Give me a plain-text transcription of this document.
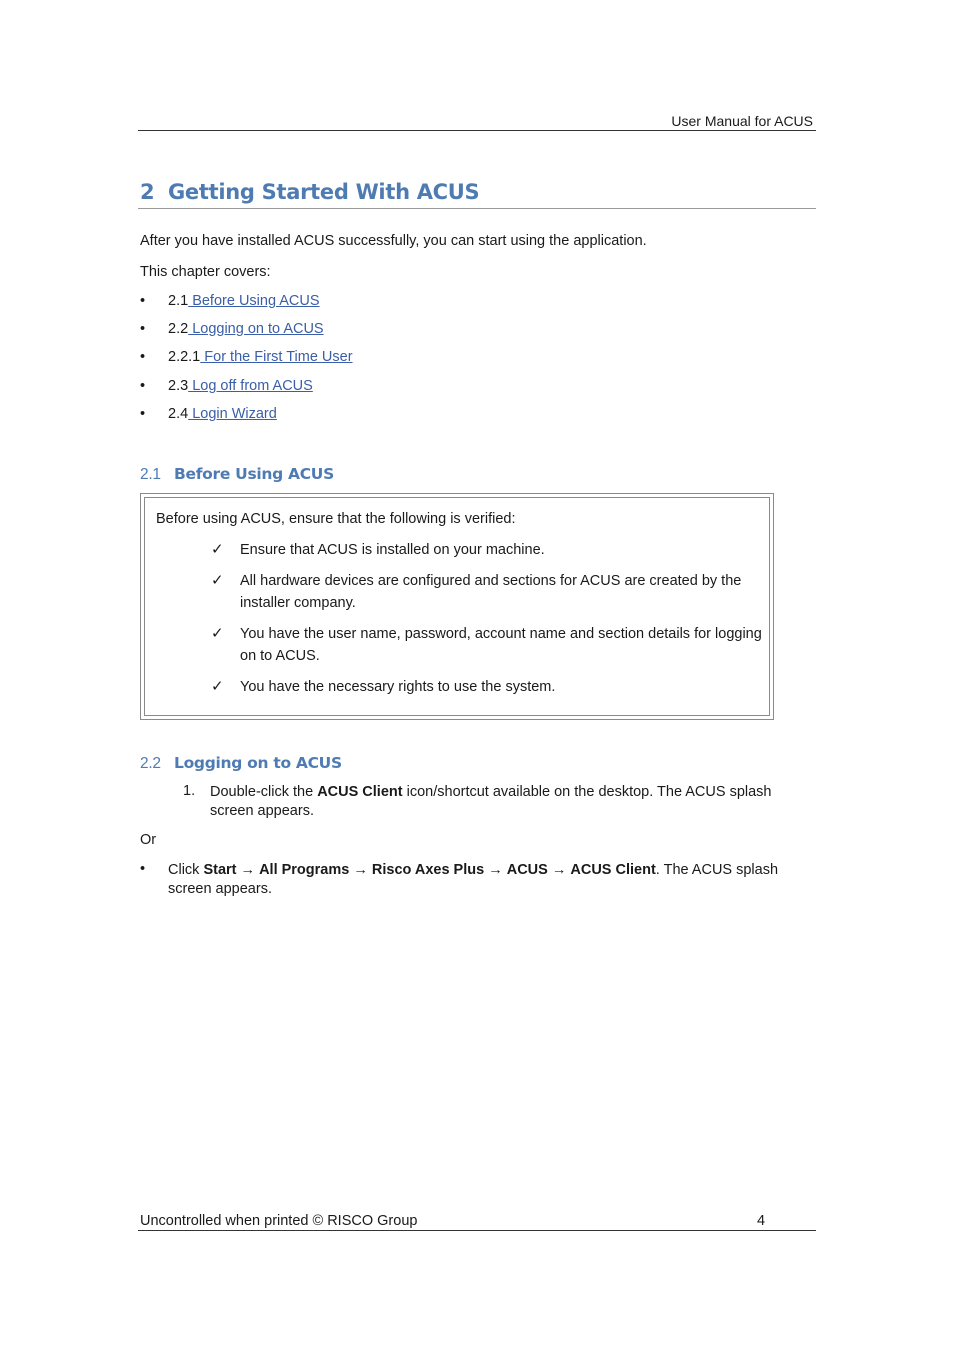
User Manual for ACUS
2 Getting Started With ACUS
After you have installed ACUS successfully, you can start using the application.
This chapter covers:
• 2.1 Before Using ACUS
• 2.2 Logging on to ACUS
• 2.2.1 For the First Time User
• 2.3 Log off from ACUS
• 2.4 Login Wizard
2.1 Before Using ACUS
Before using ACUS, ensure that the following is verified:
✓ Ensure that ACUS is installed on your machine.
✓ All hardware devices are configured and sections for ACUS are created by the installer company.
✓ You have the user name, password, account name and section details for logging on to ACUS.
✓ You have the necessary rights to use the system.
2.2 Logging on to ACUS
1. Double-click the ACUS Client icon/shortcut available on the desktop. The ACUS splash screen appears.
Or
• Click Start → All Programs → Risco Axes Plus → ACUS → ACUS Client. The ACUS splash screen appears.
Uncontrolled when printed © RISCO Group	4
